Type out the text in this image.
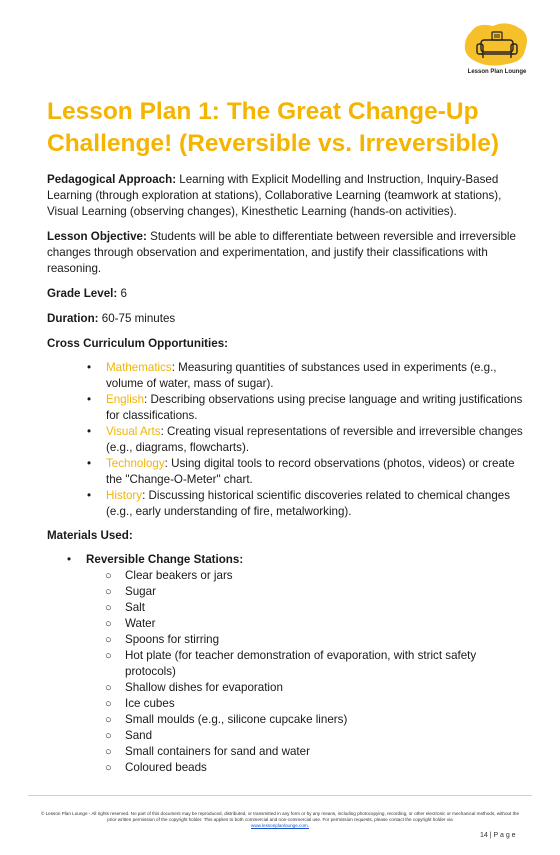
Lesson Plan Lounge
Lesson Plan 1: The Great Change-Up Challenge! (Reversible vs. Irreversible)

Pedagogical Approach: Learning with Explicit Modelling and Instruction, Inquiry-Based Learning (through exploration at stations), Collaborative Learning (teamwork at stations), Visual Learning (observing changes), Kinesthetic Learning (hands-on activities).

Lesson Objective: Students will be able to differentiate between reversible and irreversible changes through observation and experimentation, and justify their classifications with reasoning.

Grade Level: 6

Duration: 60-75 minutes

Cross Curriculum Opportunities:

• Mathematics: Measuring quantities of substances used in experiments (e.g., volume of water, mass of sugar).
• English: Describing observations using precise language and writing justifications for classifications.
• Visual Arts: Creating visual representations of reversible and irreversible changes (e.g., diagrams, flowcharts).
• Technology: Using digital tools to record observations (photos, videos) or create the "Change-O-Meter" chart.
• History: Discussing historical scientific discoveries related to chemical changes (e.g., early understanding of fire, metalworking).

Materials Used:

• Reversible Change Stations:
○ Clear beakers or jars
○ Sugar
○ Salt
○ Water
○ Spoons for stirring
○ Hot plate (for teacher demonstration of evaporation, with strict safety protocols)
○ Shallow dishes for evaporation
○ Ice cubes
○ Small moulds (e.g., silicone cupcake liners)
○ Sand
○ Small containers for sand and water
○ Coloured beads
© Lesson Plan Lounge - All rights reserved. No part of this document may be reproduced, distributed, or transmitted in any form or by any means, including photocopying, recording, or other electronic or mechanical methods, without the prior written permission of the copyright holder. This applies to both commercial and non-commercial use. For permission requests, please contact the copyright holder via
www.lessonplanlounge.com.
14 | P a g e
